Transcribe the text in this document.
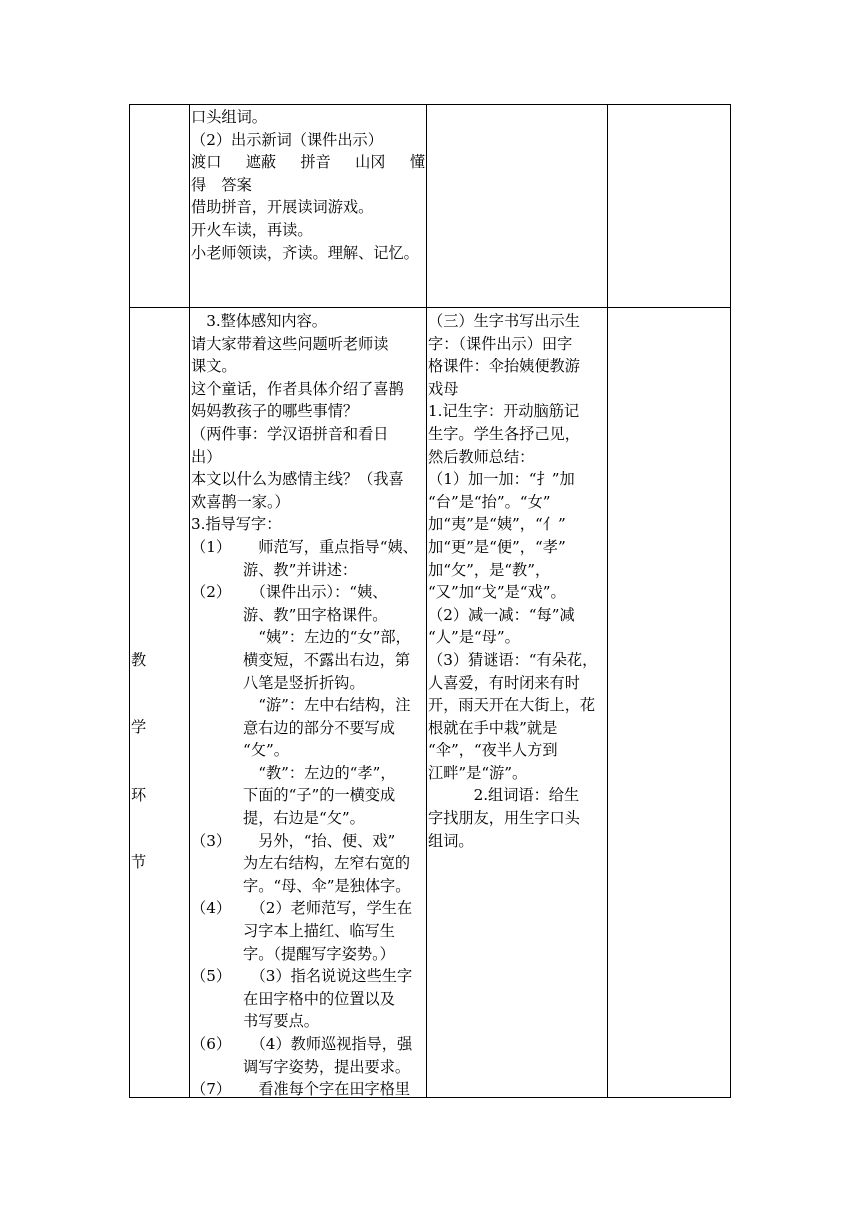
口头组词。
（2）出示新词（课件出示）
渡口 遮蔽 拼音 山冈 懂
得　答案
借助拼音，开展读词游戏。
开火车读，再读。
小老师领读，齐读。理解、记忆。
教
学
环
节
　3.整体感知内容。
请大家带着这些问题听老师读
课文。
这个童话，作者具体介绍了喜鹊
妈妈教孩子的哪些事情？
（两件事：学汉语拼音和看日
出）
本文以什么为感情主线？（我喜
欢喜鹊一家。）
3.指导写字：
（1） 　师范写，重点指导“姨、
游、教”并讲述：
（2） 　（课件出示）：“姨、
游、教”田字格课件。
　“姨”：左边的“女”部，
横变短，不露出右边，第
八笔是竖折折钩。
　“游”：左中右结构，注
意右边的部分不要写成
“攵”。
　“教”：左边的“孝”，
下面的“子”的一横变成
提，右边是“攵”。
（3） 　另外，“抬、便、戏”
为左右结构，左窄右宽的
字。“母、伞”是独体字。
（4） 　（2）老师范写，学生在
习字本上描红、临写生
字。（提醒写字姿势。）
（5） 　（3）指名说说这些生字
在田字格中的位置以及
书写要点。
（6） 　（4）教师巡视指导，强
调写字姿势，提出要求。
（7） 　看准每个字在田字格里
（三）生字书写出示生
字：（课件出示）田字
格课件：伞抬姨便教游
戏母
1.记生字：开动脑筋记
生字。学生各抒己见，
然后教师总结：
（1）加一加：“扌”加
“台”是“抬”。“女”
加“夷”是“姨”，“亻”
加“更”是“便”，“孝”
加“攵”，是“教”，
“又”加“戈”是“戏”。
（2）减一减：“每”减
“人”是“母”。
（3）猜谜语：“有朵花，
人喜爱，有时闭来有时
开，雨天开在大街上，花
根就在手中栽”就是
“伞”，“夜半人方到
江畔”是“游”。
　　　2.组词语：给生
字找朋友，用生字口头
组词。
